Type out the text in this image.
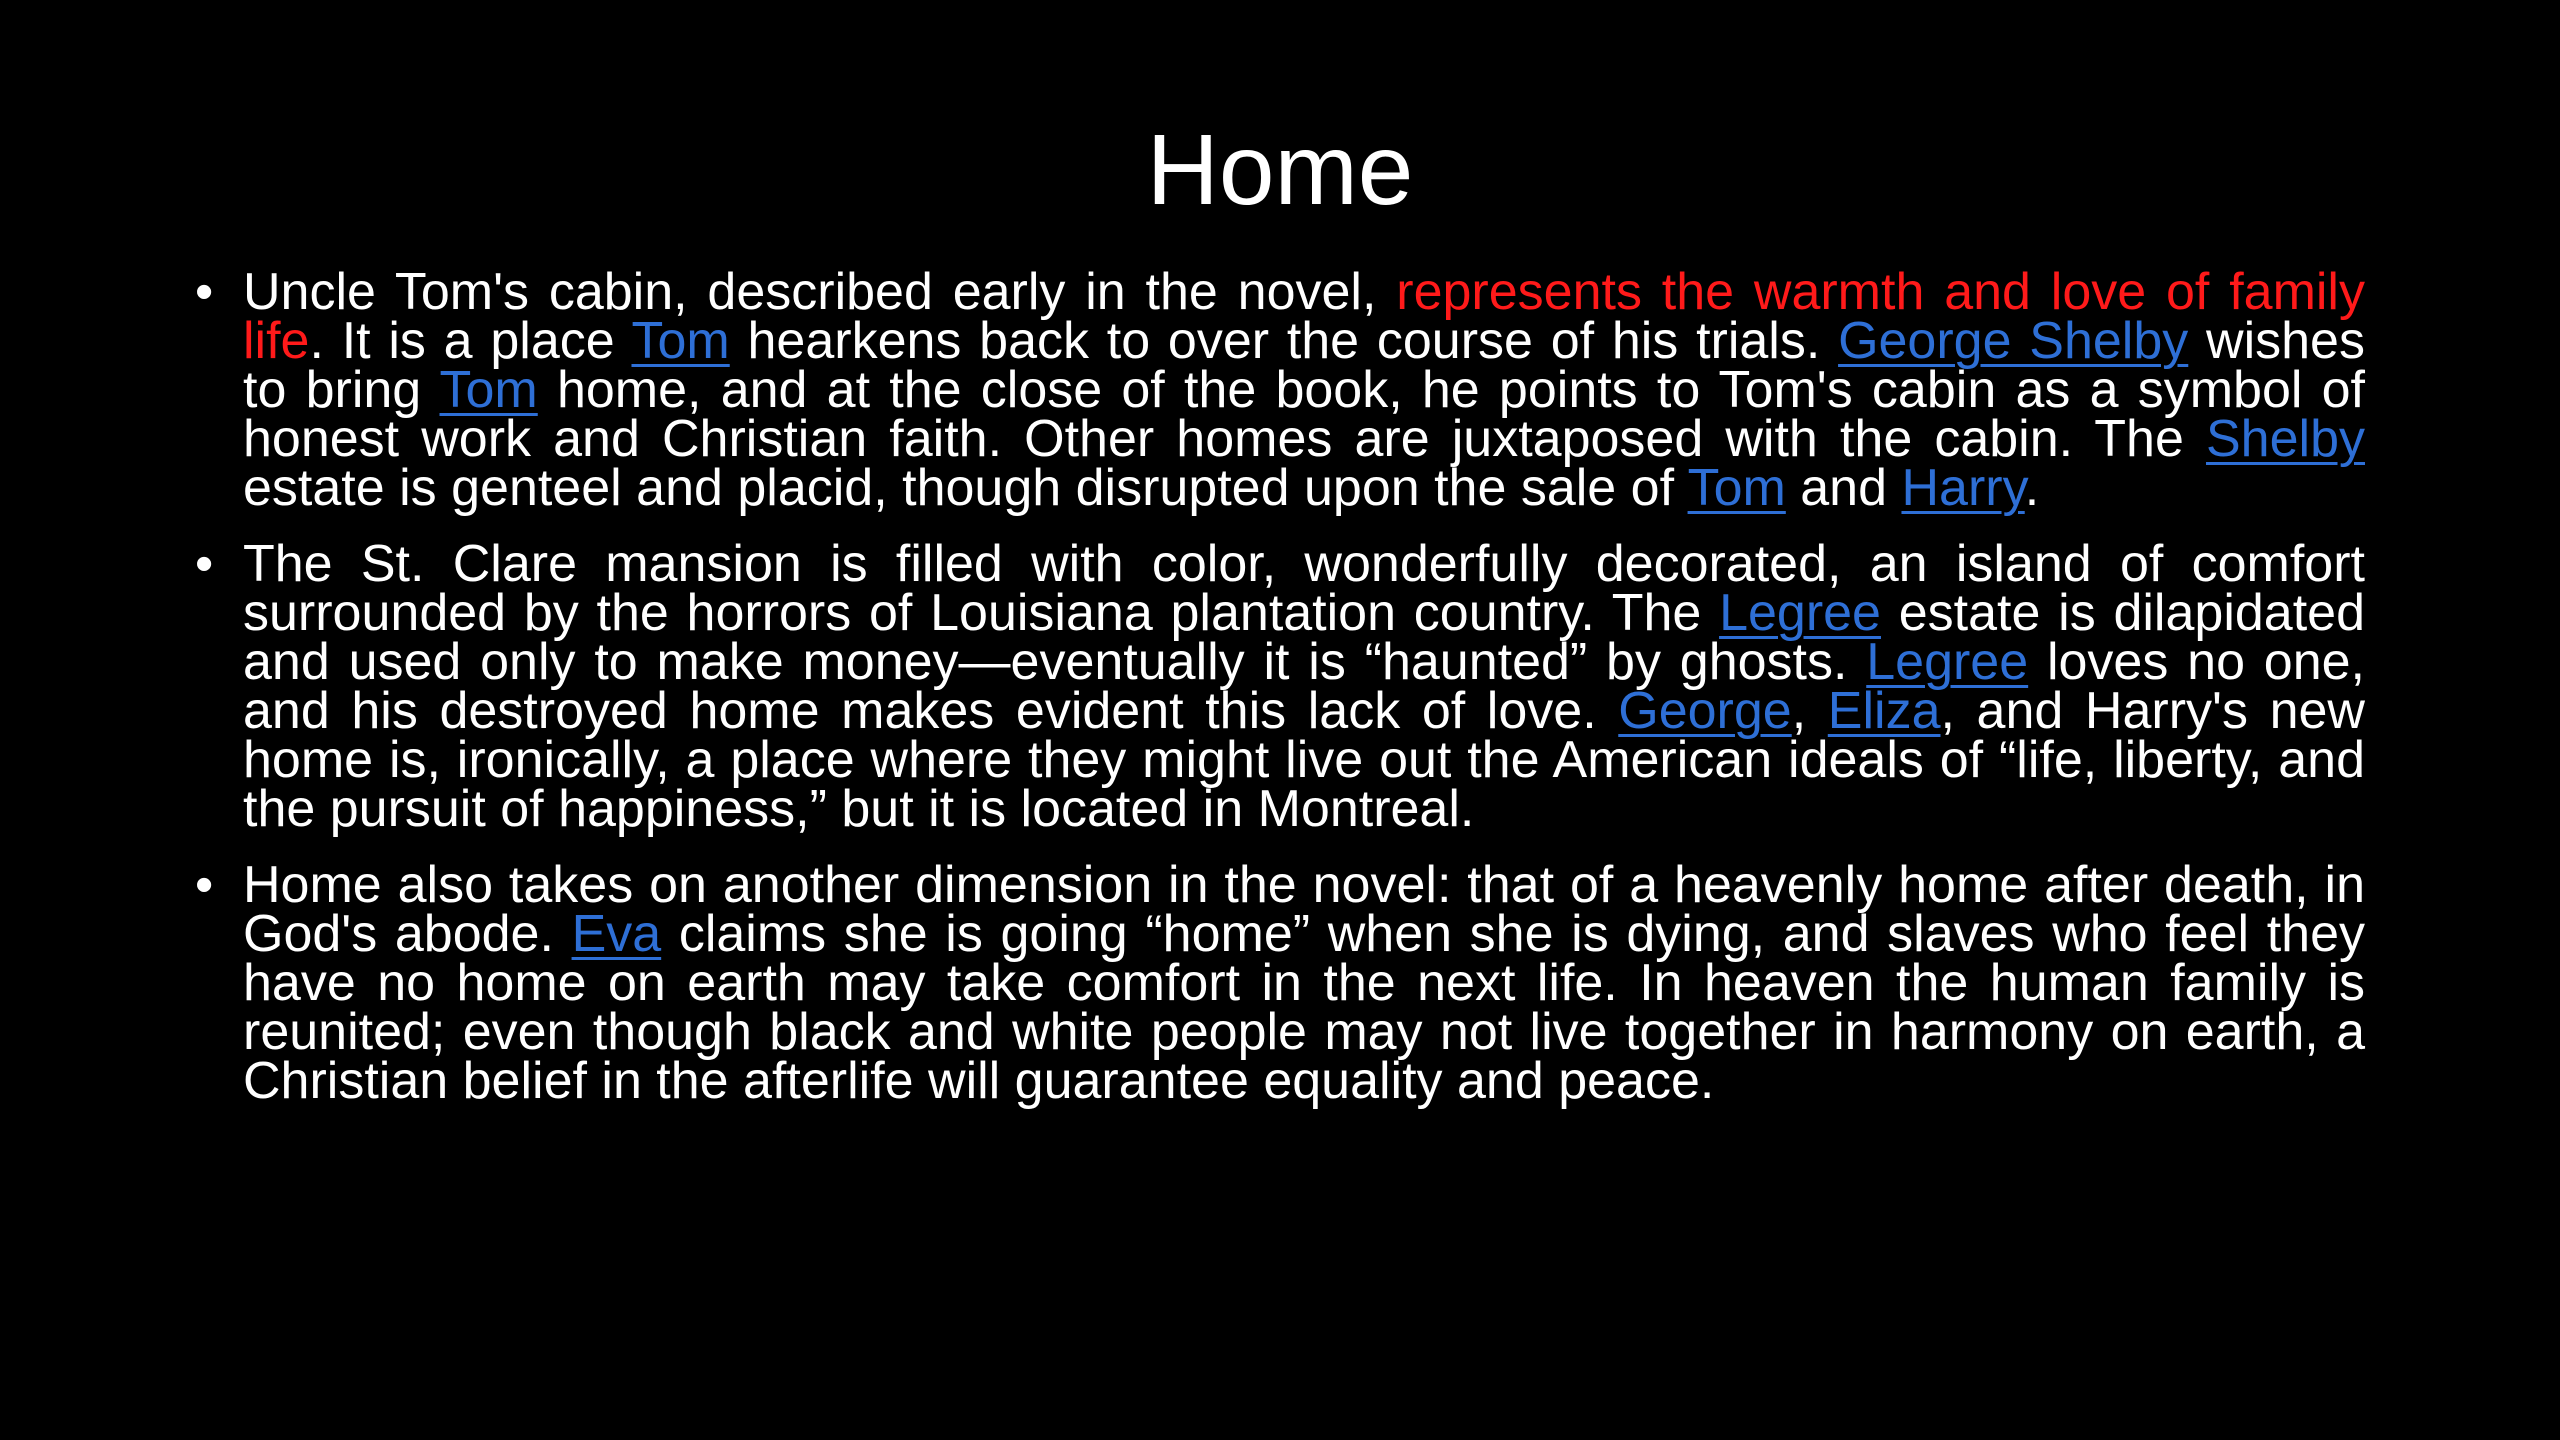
Home
• Uncle Tom's cabin, described early in the novel, represents the warmth and love of family life. It is a place Tom hearkens back to over the course of his trials. George Shelby wishes to bring Tom home, and at the close of the book, he points to Tom's cabin as a symbol of honest work and Christian faith. Other homes are juxtaposed with the cabin. The Shelby estate is genteel and placid, though disrupted upon the sale of Tom and Harry.
• The St. Clare mansion is filled with color, wonderfully decorated, an island of comfort surrounded by the horrors of Louisiana plantation country. The Legree estate is dilapidated and used only to make money—eventually it is “haunted” by ghosts. Legree loves no one, and his destroyed home makes evident this lack of love. George, Eliza, and Harry's new home is, ironically, a place where they might live out the American ideals of “life, liberty, and the pursuit of happiness,” but it is located in Montreal.
• Home also takes on another dimension in the novel: that of a heavenly home after death, in God's abode. Eva claims she is going “home” when she is dying, and slaves who feel they have no home on earth may take comfort in the next life. In heaven the human family is reunited; even though black and white people may not live together in harmony on earth, a Christian belief in the afterlife will guarantee equality and peace.
